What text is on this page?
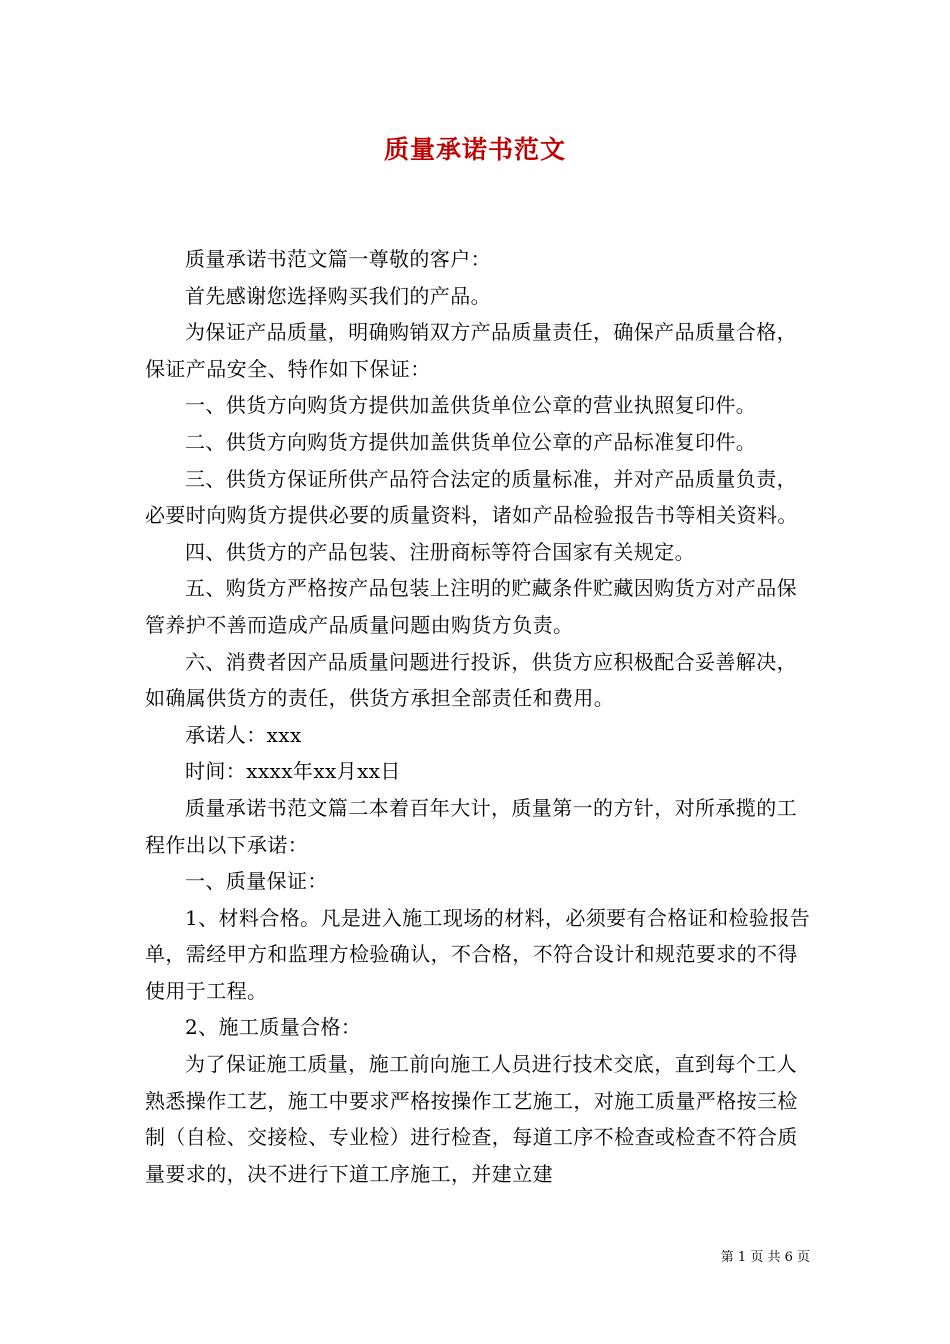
质量承诺书范文

质量承诺书范文篇一尊敬的客户：

首先感谢您选择购买我们的产品。

为保证产品质量，明确购销双方产品质量责任，确保产品质量合格，保证产品安全、特作如下保证：

一、供货方向购货方提供加盖供货单位公章的营业执照复印件。

二、供货方向购货方提供加盖供货单位公章的产品标准复印件。

三、供货方保证所供产品符合法定的质量标准，并对产品质量负责，必要时向购货方提供必要的质量资料，诸如产品检验报告书等相关资料。

四、供货方的产品包装、注册商标等符合国家有关规定。

五、购货方严格按产品包装上注明的贮藏条件贮藏因购货方对产品保管养护不善而造成产品质量问题由购货方负责。

六、消费者因产品质量问题进行投诉，供货方应积极配合妥善解决，如确属供货方的责任，供货方承担全部责任和费用。

承诺人：xxx

时间：xxxx年xx月xx日

质量承诺书范文篇二本着百年大计，质量第一的方针，对所承揽的工程作出以下承诺：

一、质量保证：

1、材料合格。凡是进入施工现场的材料，必须要有合格证和检验报告单，需经甲方和监理方检验确认，不合格，不符合设计和规范要求的不得使用于工程。

2、施工质量合格：

为了保证施工质量，施工前向施工人员进行技术交底，直到每个工人熟悉操作工艺，施工中要求严格按操作工艺施工，对施工质量严格按三检制（自检、交接检、专业检）进行检查，每道工序不检查或检查不符合质量要求的，决不进行下道工序施工，并建立建

第 1 页 共 6 页
